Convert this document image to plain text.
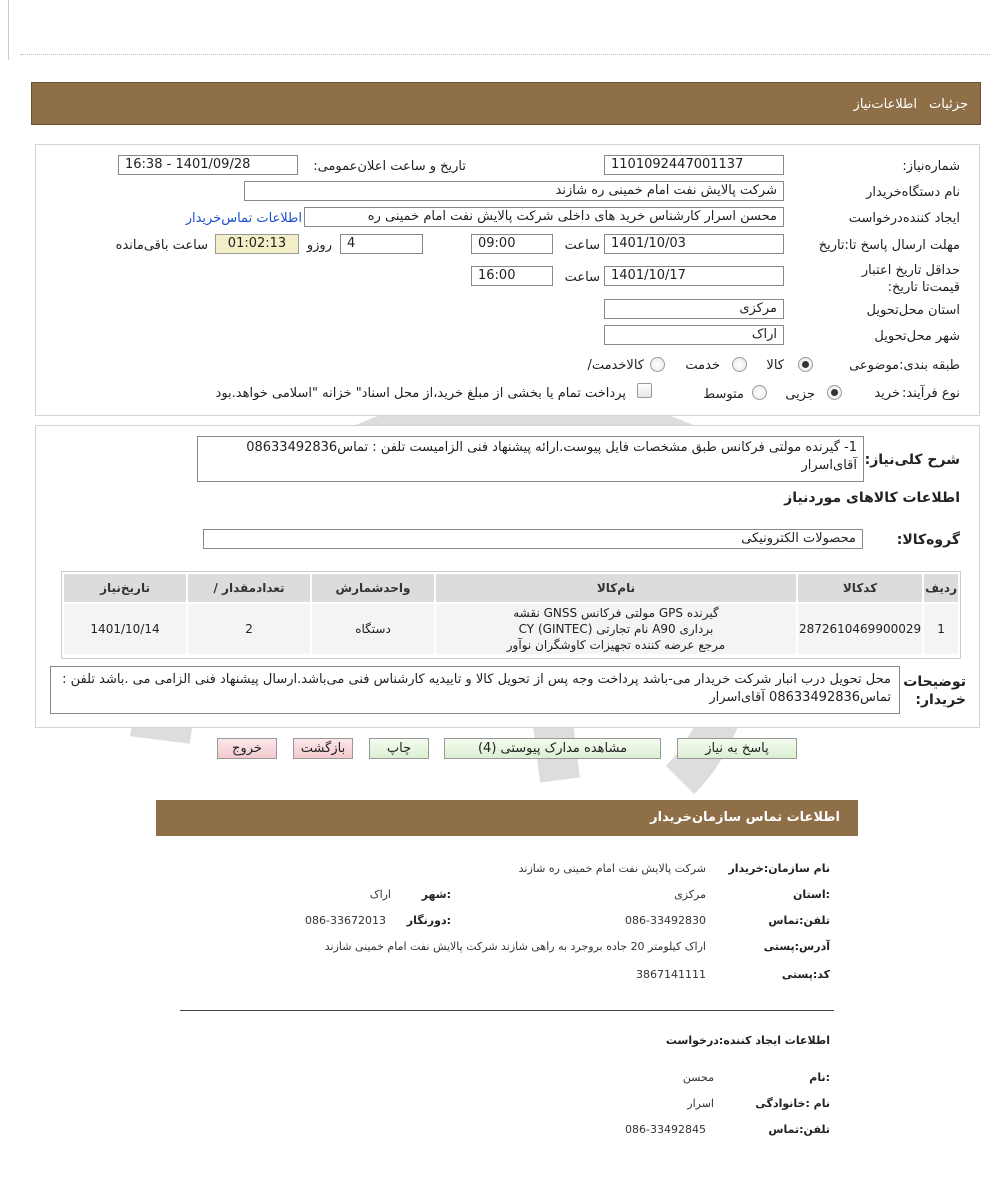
جزئیات
اطلاعات‌نیاز
شماره‌نیاز:
1101092447001137
تاریخ و ساعت اعلان‌عمومی:
1401/09/28 - 16:38
نام دستگاه‌خریدار
شرکت پالایش نفت امام خمینی ره شازند
ایجاد کننده‌درخواست
محسن اسرار کارشناس خرید های داخلی شرکت پالایش نفت امام خمینی ره
اطلاعات تماس‌خریدار
مهلت ارسال پاسخ تا:تاریخ
1401/10/03
ساعت
09:00
روزو	4
01:02:13
ساعت باقی‌مانده
حداقل تاریخ اعتبار قیمت‌تا تاریخ:
1401/10/17
ساعت
16:00
استان محل‌تحویل
مرکزی
شهر محل‌تحویل
اراک
طبقه بندی:موضوعی
کالا
خدمت
کالاخدمت/
نوع فرآیند:
خرید
جزیی
متوسط
پرداخت تمام یا بخشی از مبلغ خرید،از محل اسناد" خزانه "اسلامی خواهد.بود
شرح کلی‌نیاز:
1- گیرنده مولتی فرکانس طبق مشخصات فایل پیوست.ارائه پیشنهاد فنی الزامیست تلفن : تماس08633492836 آقای‌اسرار
اطلاعات کالاهای موردنیاز
گروه‌کالا:
محصولات الکترونیکی
ردیف	کدکالا	نام‌کالا	واحدشمارش	تعدادمقدار /	تاریخ‌نیاز
1	2872610469900029	گیرنده GPS مولتی فرکانس GNSS نقشه
برداری A90 نام تجارتی (GINTEC) CY
مرجع عرضه کننده تجهیزات کاوشگران نوآور	دستگاه	2	1401/10/14
توضیحات
خریدار:
محل تحویل درب انبار شرکت خریدار می-باشد پرداخت وجه پس از تحویل کالا و تاییدیه کارشناس فنی می‌باشد.ارسال پیشنهاد فنی الزامی می .باشد تلفن : تماس08633492836 آقای‌اسرار
پاسخ به نیاز
مشاهده مدارک پیوستی (4)
چاپ
بازگشت
خروج
اطلاعات تماس سازمان‌خریدار
نام سازمان‌:خریدار
شرکت پالایش نفت امام خمینی ره شازند
:استان
مرکزی
:شهر
اراک
تلفن‌:تماس
086-33492830
:دورنگار
086-33672013
آدرس‌:پستی
اراک کیلومتر 20 جاده بروجرد به راهی شازند شرکت پالایش نفت امام خمینی شازند
کد‌:پستی
3867141111
اطلاعات ایجاد کننده‌:درخواست
:نام
محسن
نام :خانوادگی
اسرار
تلفن‌:تماس
086-33492845
